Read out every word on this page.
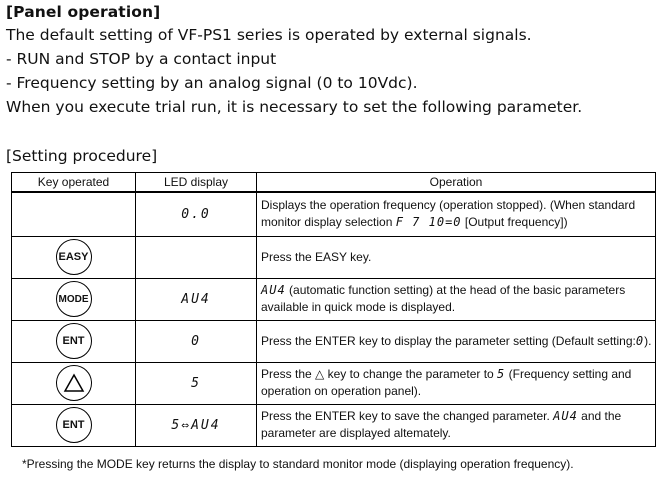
[Panel operation]
The default setting of VF-PS1 series is operated by external signals.
- RUN and STOP by a contact input
- Frequency setting by an analog signal (0 to 10Vdc).
When you execute trial run, it is necessary to set the following parameter.
[Setting procedure]
Key operated	LED display	Operation
	0.0	Displays the operation frequency (operation stopped). (When standard monitor display selection F 7 10=0 [Output frequency])
EASY		Press the EASY key.
MODE	AU4	AU4 (automatic function setting) at the head of the basic parameters available in quick mode is displayed.
ENT	0	Press the ENTER key to display the parameter setting (Default setting:0).

	5	Press the △ key to change the parameter to 5 (Frequency setting and operation on operation panel).
ENT	5⇔AU4	Press the ENTER key to save the changed parameter. AU4 and the parameter are displayed altemately.
*Pressing the MODE key returns the display to standard monitor mode (displaying operation frequency).
